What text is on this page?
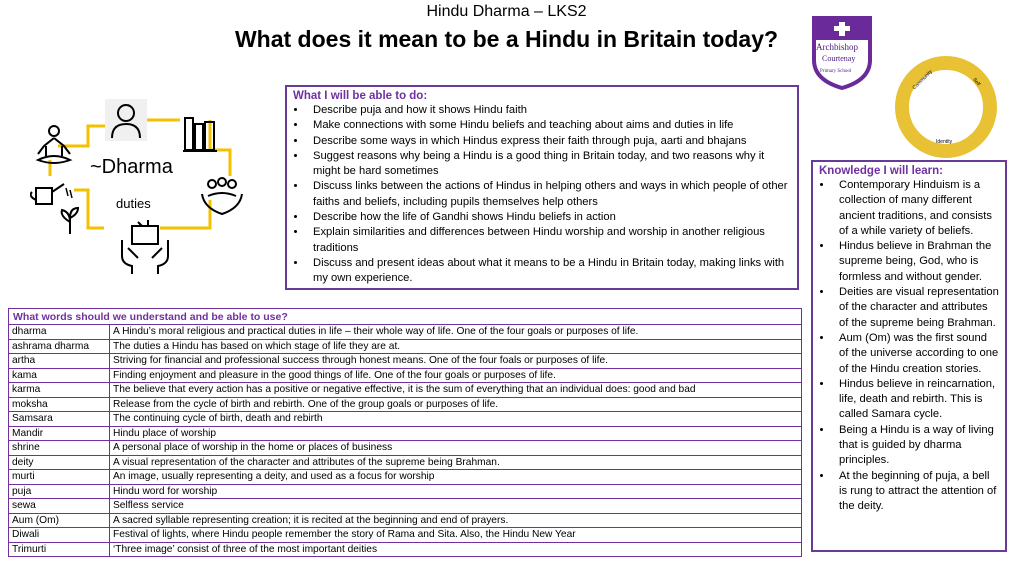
Hindu Dharma – LKS2
What does it mean to be a Hindu in Britain today?	Archbishop
Courtenay
Primary School	Community	Self
Identity
~Dharma
duties
What I will be able to do:
• Describe puja and how it shows Hindu faith
• Make connections with some Hindu beliefs and teaching about aims and duties in life
• Describe some ways in which Hindus express their faith through puja, aarti and bhajans
• Suggest reasons why being a Hindu is a good thing in Britain today, and two reasons why it might be hard sometimes
• Discuss links between the actions of Hindus in helping others and ways in which people of other faiths and beliefs, including pupils themselves help others
• Describe how the life of Gandhi shows Hindu beliefs in action
• Explain similarities and differences between Hindu worship and worship in another religious traditions
• Discuss and present ideas about what it means to be a Hindu in Britain today, making links with my own experience.
Knowledge I will learn:
• Contemporary Hinduism is a collection of many different ancient traditions, and consists of a while variety of beliefs.
• Hindus believe in Brahman the supreme being, God, who is formless and without gender.
• Deities are visual representation of the character and attributes of the supreme being Brahman.
• Aum (Om) was the first sound of the universe according to one of the Hindu creation stories.
• Hindus believe in reincarnation, life, death and rebirth. This is called Samara cycle.
• Being a Hindu is a way of living that is guided by dharma principles.
• At the beginning of puja, a bell is rung to attract the attention of the deity.
What words should we understand and be able to use?
dharma	A Hindu’s moral religious and practical duties in life – their whole way of life. One of the four goals or purposes of life.
ashrama dharma	The duties a Hindu has based on which stage of life they are at.
artha	Striving for financial and professional success through honest means. One of the four foals or purposes of life.
kama	Finding enjoyment and pleasure in the good things of life. One of the four goals or purposes of life.
karma	The believe that every action has a positive or negative effective, it is the sum of everything that an individual does: good and bad
moksha	Release from the cycle of birth and rebirth. One of the group goals or purposes of life.
Samsara	The continuing cycle of birth, death and rebirth
Mandir	Hindu place of worship
shrine	A personal place of worship in the home or places of business
deity	A visual representation of the character and attributes of the supreme being Brahman.
murti	An image, usually representing a deity, and used as a focus for worship
puja	Hindu word for worship
sewa	Selfless service
Aum (Om)	A sacred syllable representing creation; it is recited at the beginning and end of prayers.
Diwali	Festival of lights, where Hindu people remember the story of Rama and Sita. Also, the Hindu New Year
Trimurti	‘Three image’ consist of three of the most important deities
